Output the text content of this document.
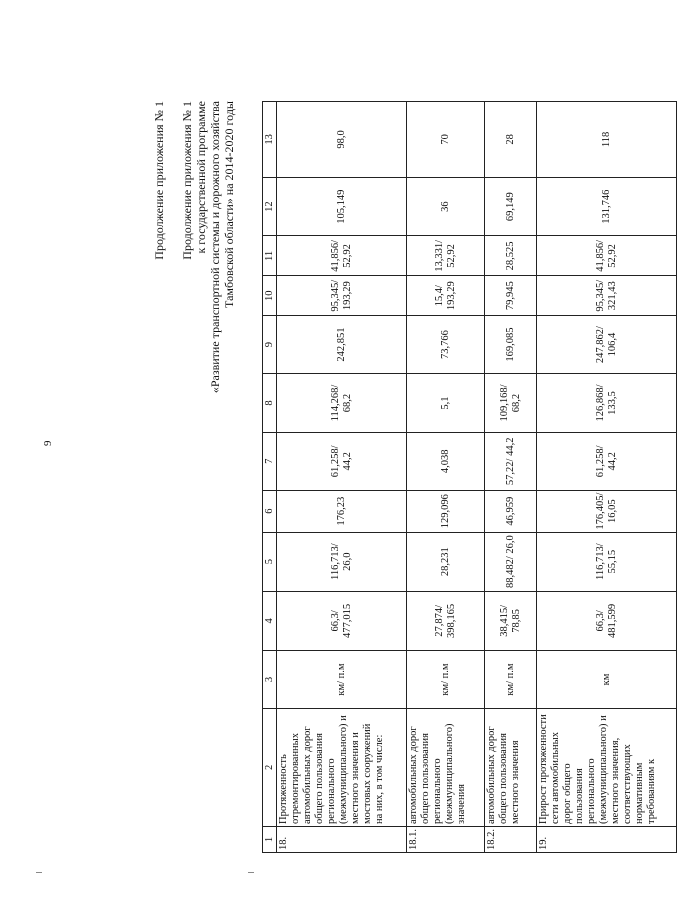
9
Продолжение приложения № 1 Продолжение приложения № 1 к государственной программе «Развитие транспортной системы и дорожного хозяйства Тамбовской области» на 2014-2020 годы
1	2	3	4	5	6	7	8	9	10	11	12	13
18.	Протяженность отремонтированных автомобильных дорог общего пользования регионального (межмуниципального) и местного значения и мостовых сооружений на них, в том числе:	км/ п.м	66,3/ 477,015	116,713/ 26,0	176,23	61,258/ 44,2	114,268/ 68,2	242,851	95,345/ 193,29	41,856/ 52,92	105,149	98,0
18.1.	автомобильных дорог общего пользования регионального (межмуниципального) значения	км/ п.м	27,874/ 398,165	28,231	129,096	4,038	5,1	73,766	15,4/ 193,29	13,331/ 52,92	36	70
18.2.	автомобильных дорог общего пользования местного значения	км/ п.м	38,415/ 78,85	88,482/ 26,0	46,959	57,22/ 44,2	109,168/ 68,2	169,085	79,945	28,525	69,149	28
19.	Прирост протяженности сети автомобильных дорог общего пользования регионального (межмуниципального) и местного значения, соответствующих нормативным требованиям к	км	66,3/ 481,599	116,713/ 55,15	176,405/ 16,05	61,258/ 44,2	126,868/ 133,5	247,862/ 106,4	95,345/ 321,43	41,856/ 52,92	131,746	118
